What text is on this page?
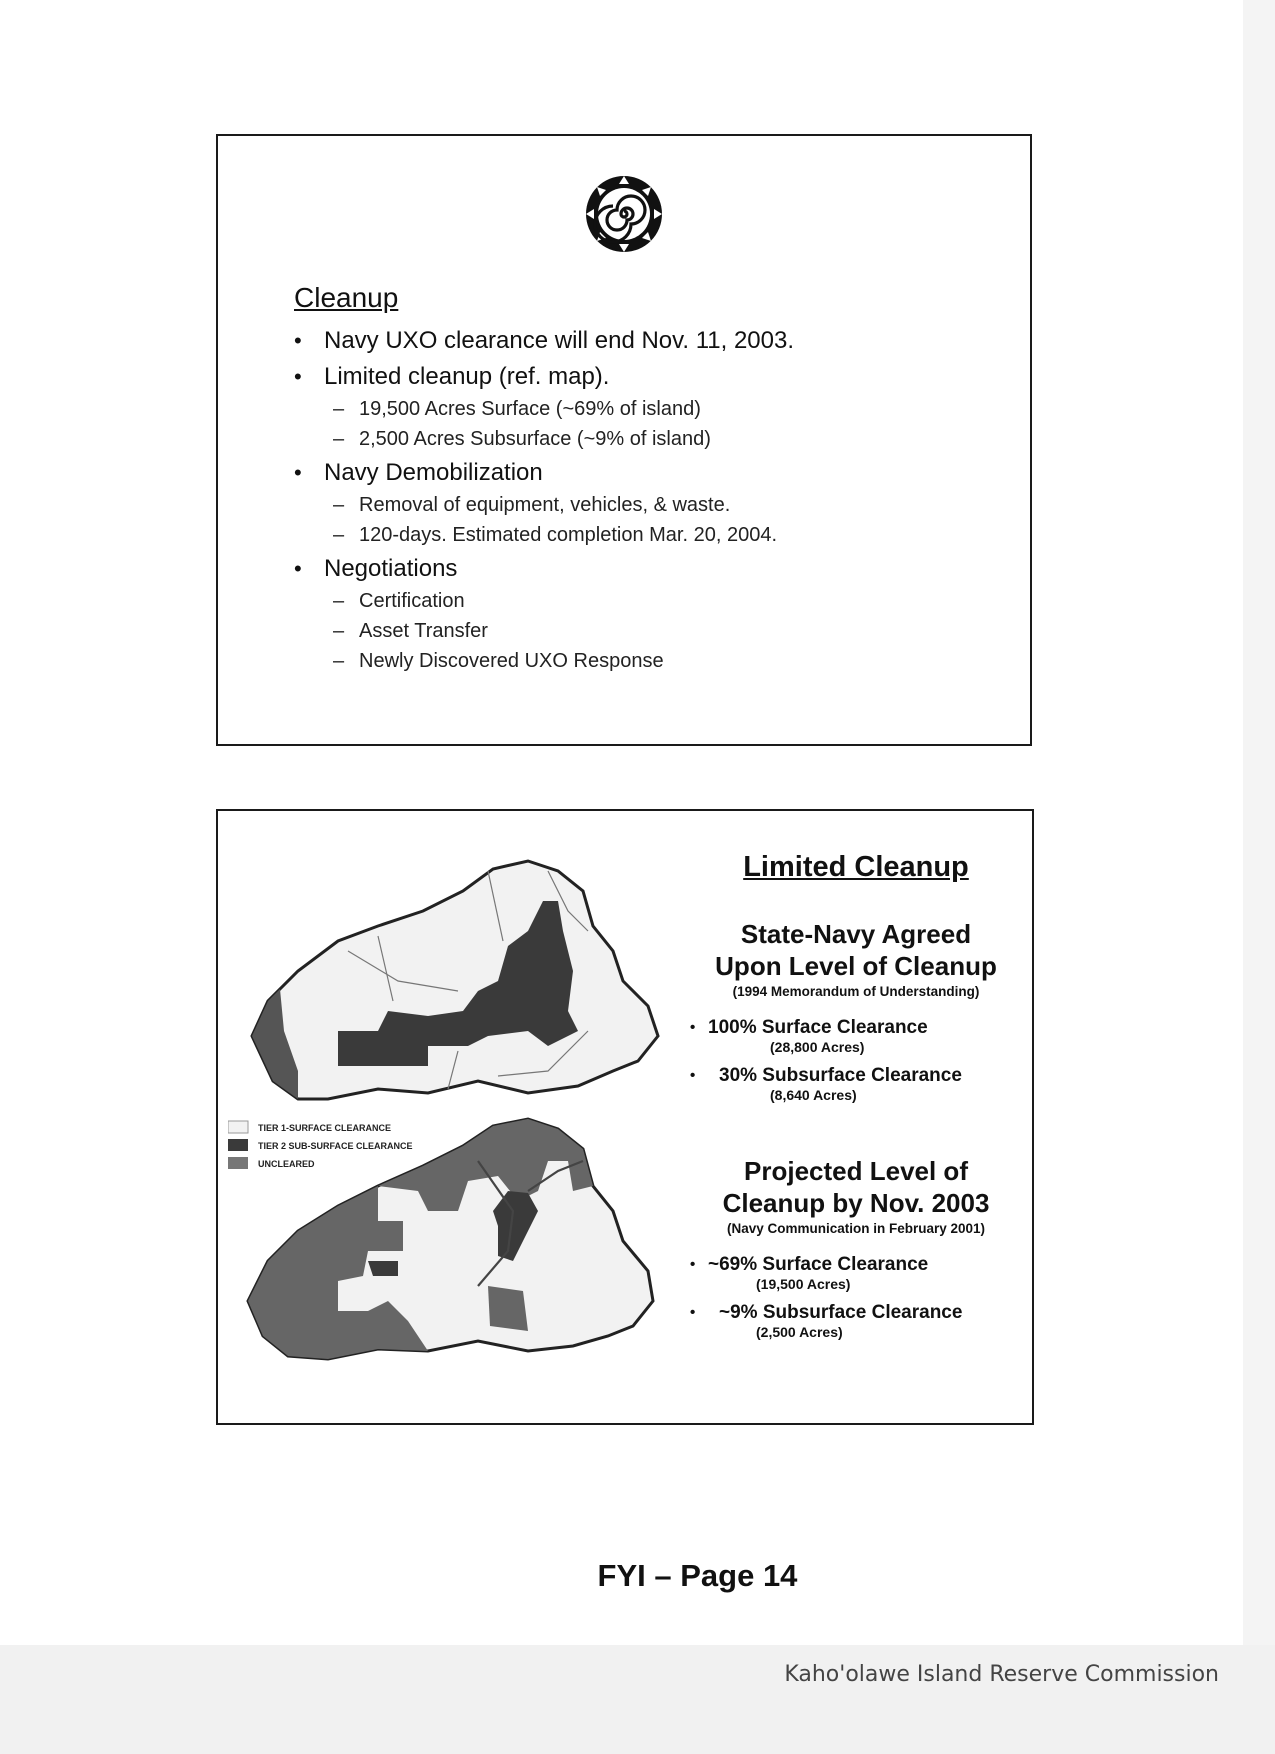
Cleanup
• Navy UXO clearance will end Nov. 11, 2003.
• Limited cleanup (ref. map).
– 19,500 Acres Surface (~69% of island)
– 2,500 Acres Subsurface (~9% of island)
• Navy Demobilization
– Removal of equipment, vehicles, & waste.
– 120-days. Estimated completion Mar. 20, 2004.
• Negotiations
– Certification
– Asset Transfer
– Newly Discovered UXO Response
TIER 1-SURFACE CLEARANCE
TIER 2 SUB-SURFACE CLEARANCE
UNCLEARED
Limited Cleanup
State-Navy Agreed
Upon Level of Cleanup
(1994 Memorandum of Understanding)
• 100% Surface Clearance
(28,800 Acres)
• 30% Subsurface Clearance
(8,640 Acres)
Projected Level of
Cleanup by Nov. 2003
(Navy Communication in February 2001)
• ~69% Surface Clearance
(19,500 Acres)
• ~9% Subsurface Clearance
(2,500 Acres)
FYI – Page 14
Kaho'olawe Island Reserve Commission
